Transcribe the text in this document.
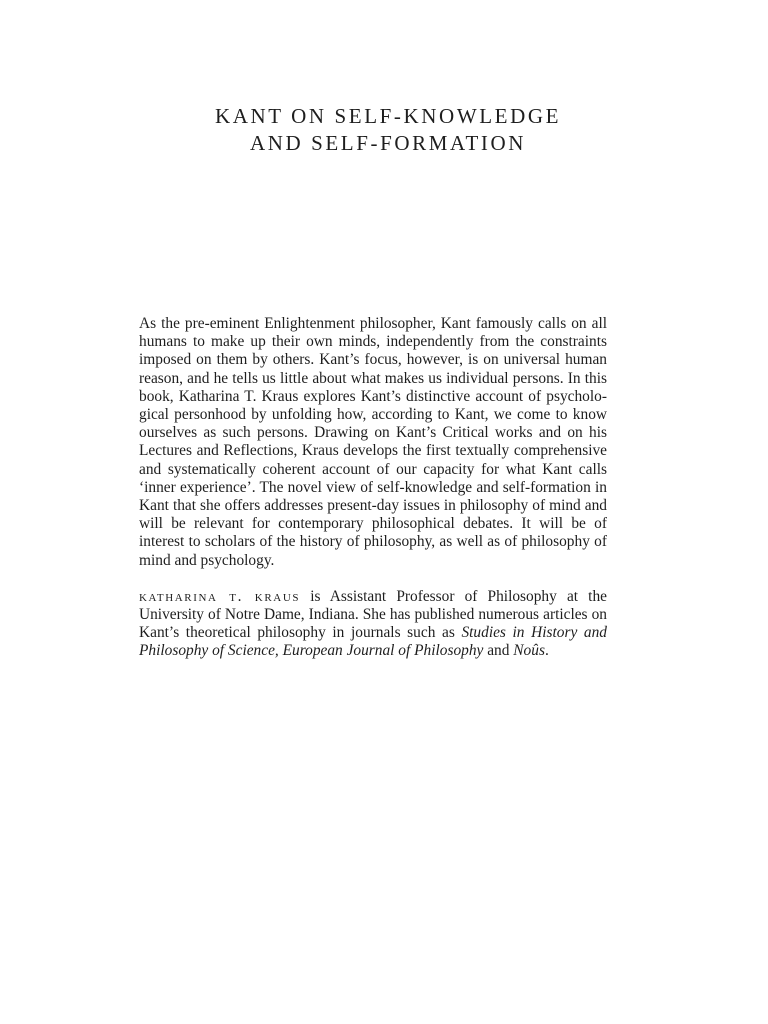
KANT ON SELF-KNOWLEDGE
AND SELF-FORMATION

As the pre-eminent Enlightenment philosopher, Kant famously calls on all humans to make up their own minds, independently from the constraints imposed on them by others. Kant’s focus, however, is on universal human reason, and he tells us little about what makes us individual persons. In this book, Katharina T. Kraus explores Kant’s distinctive account of psychological personhood by unfolding how, according to Kant, we come to know ourselves as such persons. Drawing on Kant’s Critical works and on his Lectures and Reflections, Kraus develops the first textually comprehensive and systematically coherent account of our capacity for what Kant calls ‘inner experience’. The novel view of self-knowledge and self-formation in Kant that she offers addresses present-day issues in philosophy of mind and will be relevant for contemporary philosophical debates. It will be of interest to scholars of the history of philosophy, as well as of philosophy of mind and psychology.

katharina t. kraus is Assistant Professor of Philosophy at the University of Notre Dame, Indiana. She has published numerous articles on Kant’s theoretical philosophy in journals such as Studies in History and Philosophy of Science, European Journal of Philosophy and Noûs.
